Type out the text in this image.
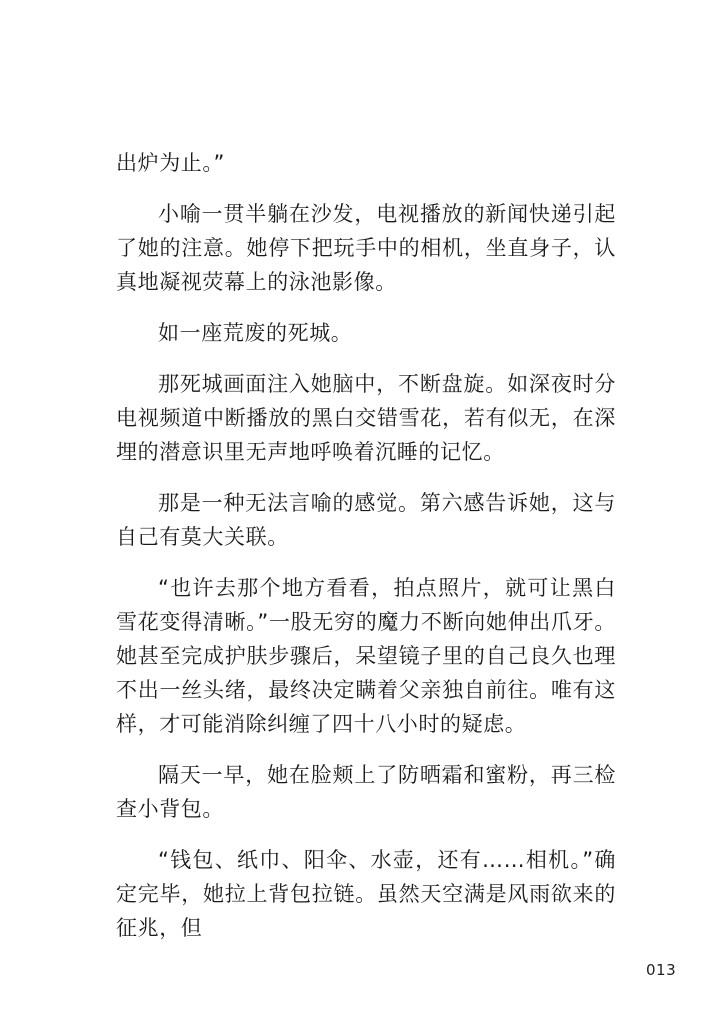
出炉为止。”

小喻一贯半躺在沙发，电视播放的新闻快递引起了她的注意。她停下把玩手中的相机，坐直身子，认真地凝视荧幕上的泳池影像。

如一座荒废的死城。

那死城画面注入她脑中，不断盘旋。如深夜时分电视频道中断播放的黑白交错雪花，若有似无，在深埋的潜意识里无声地呼唤着沉睡的记忆。

那是一种无法言喻的感觉。第六感告诉她，这与自己有莫大关联。

“也许去那个地方看看，拍点照片，就可让黑白雪花变得清晰。”一股无穷的魔力不断向她伸出爪牙。她甚至完成护肤步骤后，呆望镜子里的自己良久也理不出一丝头绪，最终决定瞒着父亲独自前往。唯有这样，才可能消除纠缠了四十八小时的疑虑。

隔天一早，她在脸颊上了防晒霜和蜜粉，再三检查小背包。

“钱包、纸巾、阳伞、水壶，还有……相机。”确定完毕，她拉上背包拉链。虽然天空满是风雨欲来的征兆，但

013
